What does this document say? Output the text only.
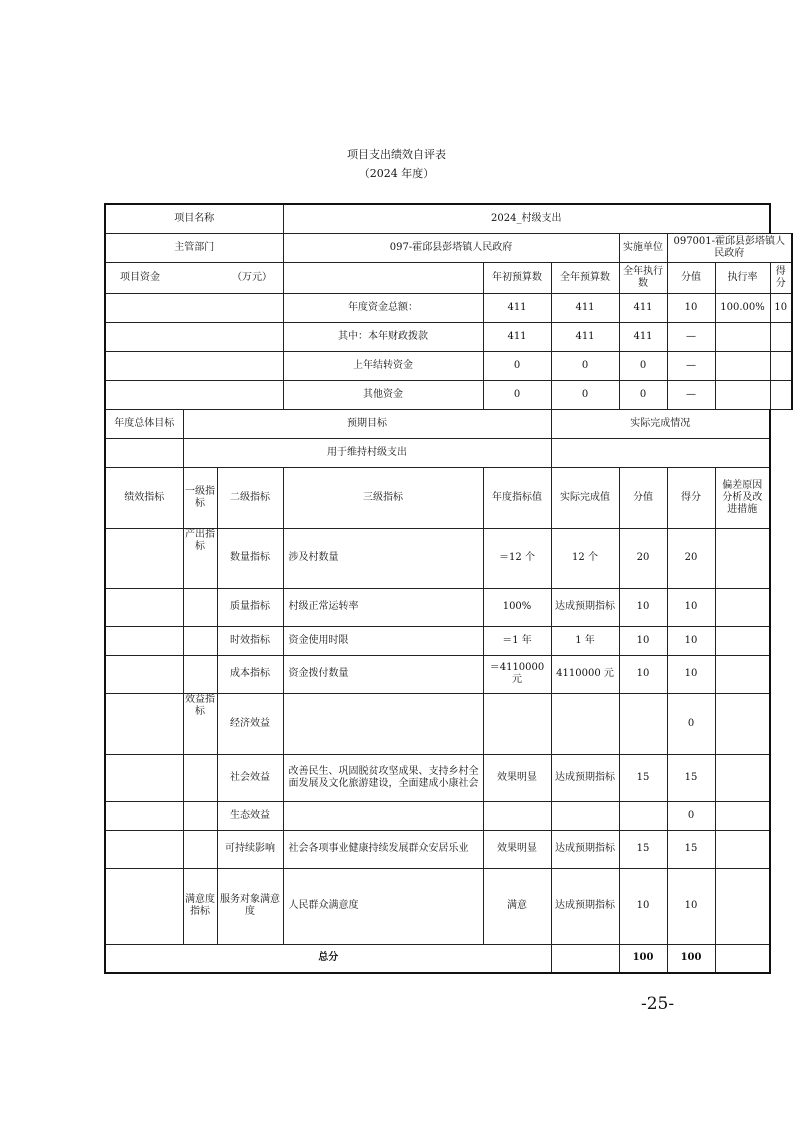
项目支出绩效自评表
（2024 年度）
项目名称			2024_村级支出						
主管部门			097-霍邱县彭塔镇人民政府			实施单位	097001-霍邱县彭塔镇人民政府		

项目资金 （万元）				年初预算数	全年预算数	全年执行数	分值	执行率	得分
			年度资金总额：	411	411	411	10	100.00%	10
			其中：本年财政拨款	411	411	411	—		
			上年结转资金	0	0	0	—		
			其他资金	0	0	0	—		
年度总体目标	预期目标				实际完成情况				
	用于维持村级支出								
绩效指标	一级指标	二级指标	三级指标	年度指标值	实际完成值	分值	得分	偏差原因分析及改进措施	
	产出指标	数量指标	涉及村数量	＝12 个	12 个	20	20		
		质量指标	村级正常运转率	100%	达成预期指标	10	10		
		时效指标	资金使用时限	＝1 年	1 年	10	10		
		成本指标	资金拨付数量	＝4110000 元	4110000 元	10	10		
	效益指标	经济效益					0		
		社会效益	改善民生、巩固脱贫攻坚成果、支持乡村全面发展及文化旅游建设，全面建成小康社会	效果明显	达成预期指标	15	15		
		生态效益					0		
		可持续影响	社会各项事业健康持续发展群众安居乐业	效果明显	达成预期指标	15	15		
	满意度指标	服务对象满意度	人民群众满意度	满意	达成预期指标	10	10		
总分						100	100		
-25-
